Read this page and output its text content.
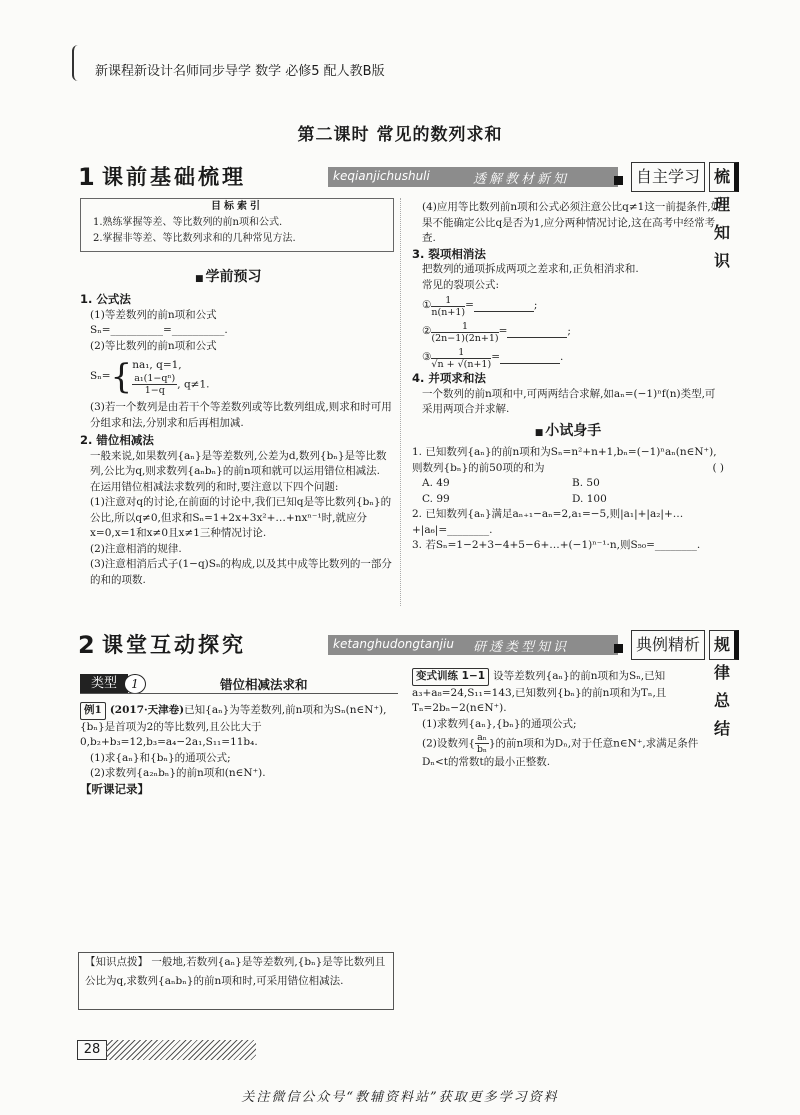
新课程新设计名师同步导学 数学 必修5 配人教B版
第二课时 常见的数列求和
1 课前基础梳理	keqianjichushuli	透解教材新知	自主学习 梳理知识
目标索引
1.熟练掌握等差、等比数列的前n项和公式.
2.掌握非等差、等比数列求和的几种常见方法.
■ 学前预习
1. 公式法
(1)等差数列的前n项和公式
Sₙ=__________=__________.
(2)等比数列的前n项和公式
Sₙ= { na₁, q=1,
$\frac{\text{a₁(1−qⁿ)}}{1-q}$ , q≠1.
(3)若一个数列是由若干个等差数列或等比数列组成,则求和时可用分组求和法,分别求和后再相加减.
2. 错位相减法
一般来说,如果数列{aₙ}是等差数列,公差为d,数列{bₙ}是等比数列,公比为q,则求数列{aₙbₙ}的前n项和就可以运用错位相减法.
在运用错位相减法求数列的和时,要注意以下四个问题:
(1)注意对q的讨论,在前面的讨论中,我们已知q是等比数列{bₙ}的公比,所以q≠0,但求和Sₙ=1+2x+3x²+…+nxⁿ⁻¹时,就应分x=0,x=1和x≠0且x≠1三种情况讨论.
(2)注意相消的规律.
(3)注意相消后式子(1−q)Sₙ的构成,以及其中成等比数列的一部分的和的项数.
(4)应用等比数列前n项和公式必须注意公比q≠1这一前提条件,如果不能确定公比q是否为1,应分两种情况讨论,这在高考中经常考查.
3. 裂项相消法
把数列的通项拆成两项之差求和,正负相消求和.
常见的裂项公式:
① $\frac{1}{n(n+1)}$ =	;
② $\frac{1}{(2n-1)(2n+1)}$ =	;
③ $\frac{1}{√n + √(n+1)}$ =	.
4. 并项求和法
一个数列的前n项和中,可两两结合求解,如aₙ=(−1)ⁿf(n)类型,可采用两项合并求解.
■ 小试身手
1. 已知数列{aₙ}的前n项和为Sₙ=n²+n+1,bₙ=(−1)ⁿaₙ(n∈N⁺),则数列{bₙ}的前50项的和为	( )
A. 49	B. 50
C. 99	D. 100
2. 已知数列{aₙ}满足aₙ₊₁−aₙ=2,a₁=−5,则|a₁|+|a₂|+…+|a₆|=________.
3. 若Sₙ=1−2+3−4+5−6+…+(−1)ⁿ⁻¹·n,则S₅₀=________.
2 课堂互动探究	ketanghudongtanjiu 研透类型知识	典例精析 规律总结
类型	1	错位相减法求和
例1 (2017·天津卷)已知{aₙ}为等差数列,前n项和为Sₙ(n∈N⁺),{bₙ}是首项为2的等比数列,且公比大于0,b₂+b₃=12,b₃=a₄−2a₁,S₁₁=11b₄.
(1)求{aₙ}和{bₙ}的通项公式;
(2)求数列{a₂ₙbₙ}的前n项和(n∈N⁺).
【听课记录】
变式训练 1−1 设等差数列{aₙ}的前n项和为Sₙ,已知a₃+a₈=24,S₁₁=143,已知数列{bₙ}的前n项和为Tₙ,且Tₙ=2bₙ−2(n∈N⁺).
(1)求数列{aₙ},{bₙ}的通项公式;
(2)设数列{ $\frac{\text{aₙ}}{\text{bₙ}}$ }的前n项和为Dₙ,对于任意n∈N⁺,求满足条件Dₙ<t的常数t的最小正整数.
【知识点拨】 一般地,若数列{aₙ}是等差数列,{bₙ}是等比数列且公比为q,求数列{aₙbₙ}的前n项和时,可采用错位相减法.
28
关注微信公众号“教辅资料站”获取更多学习资料
